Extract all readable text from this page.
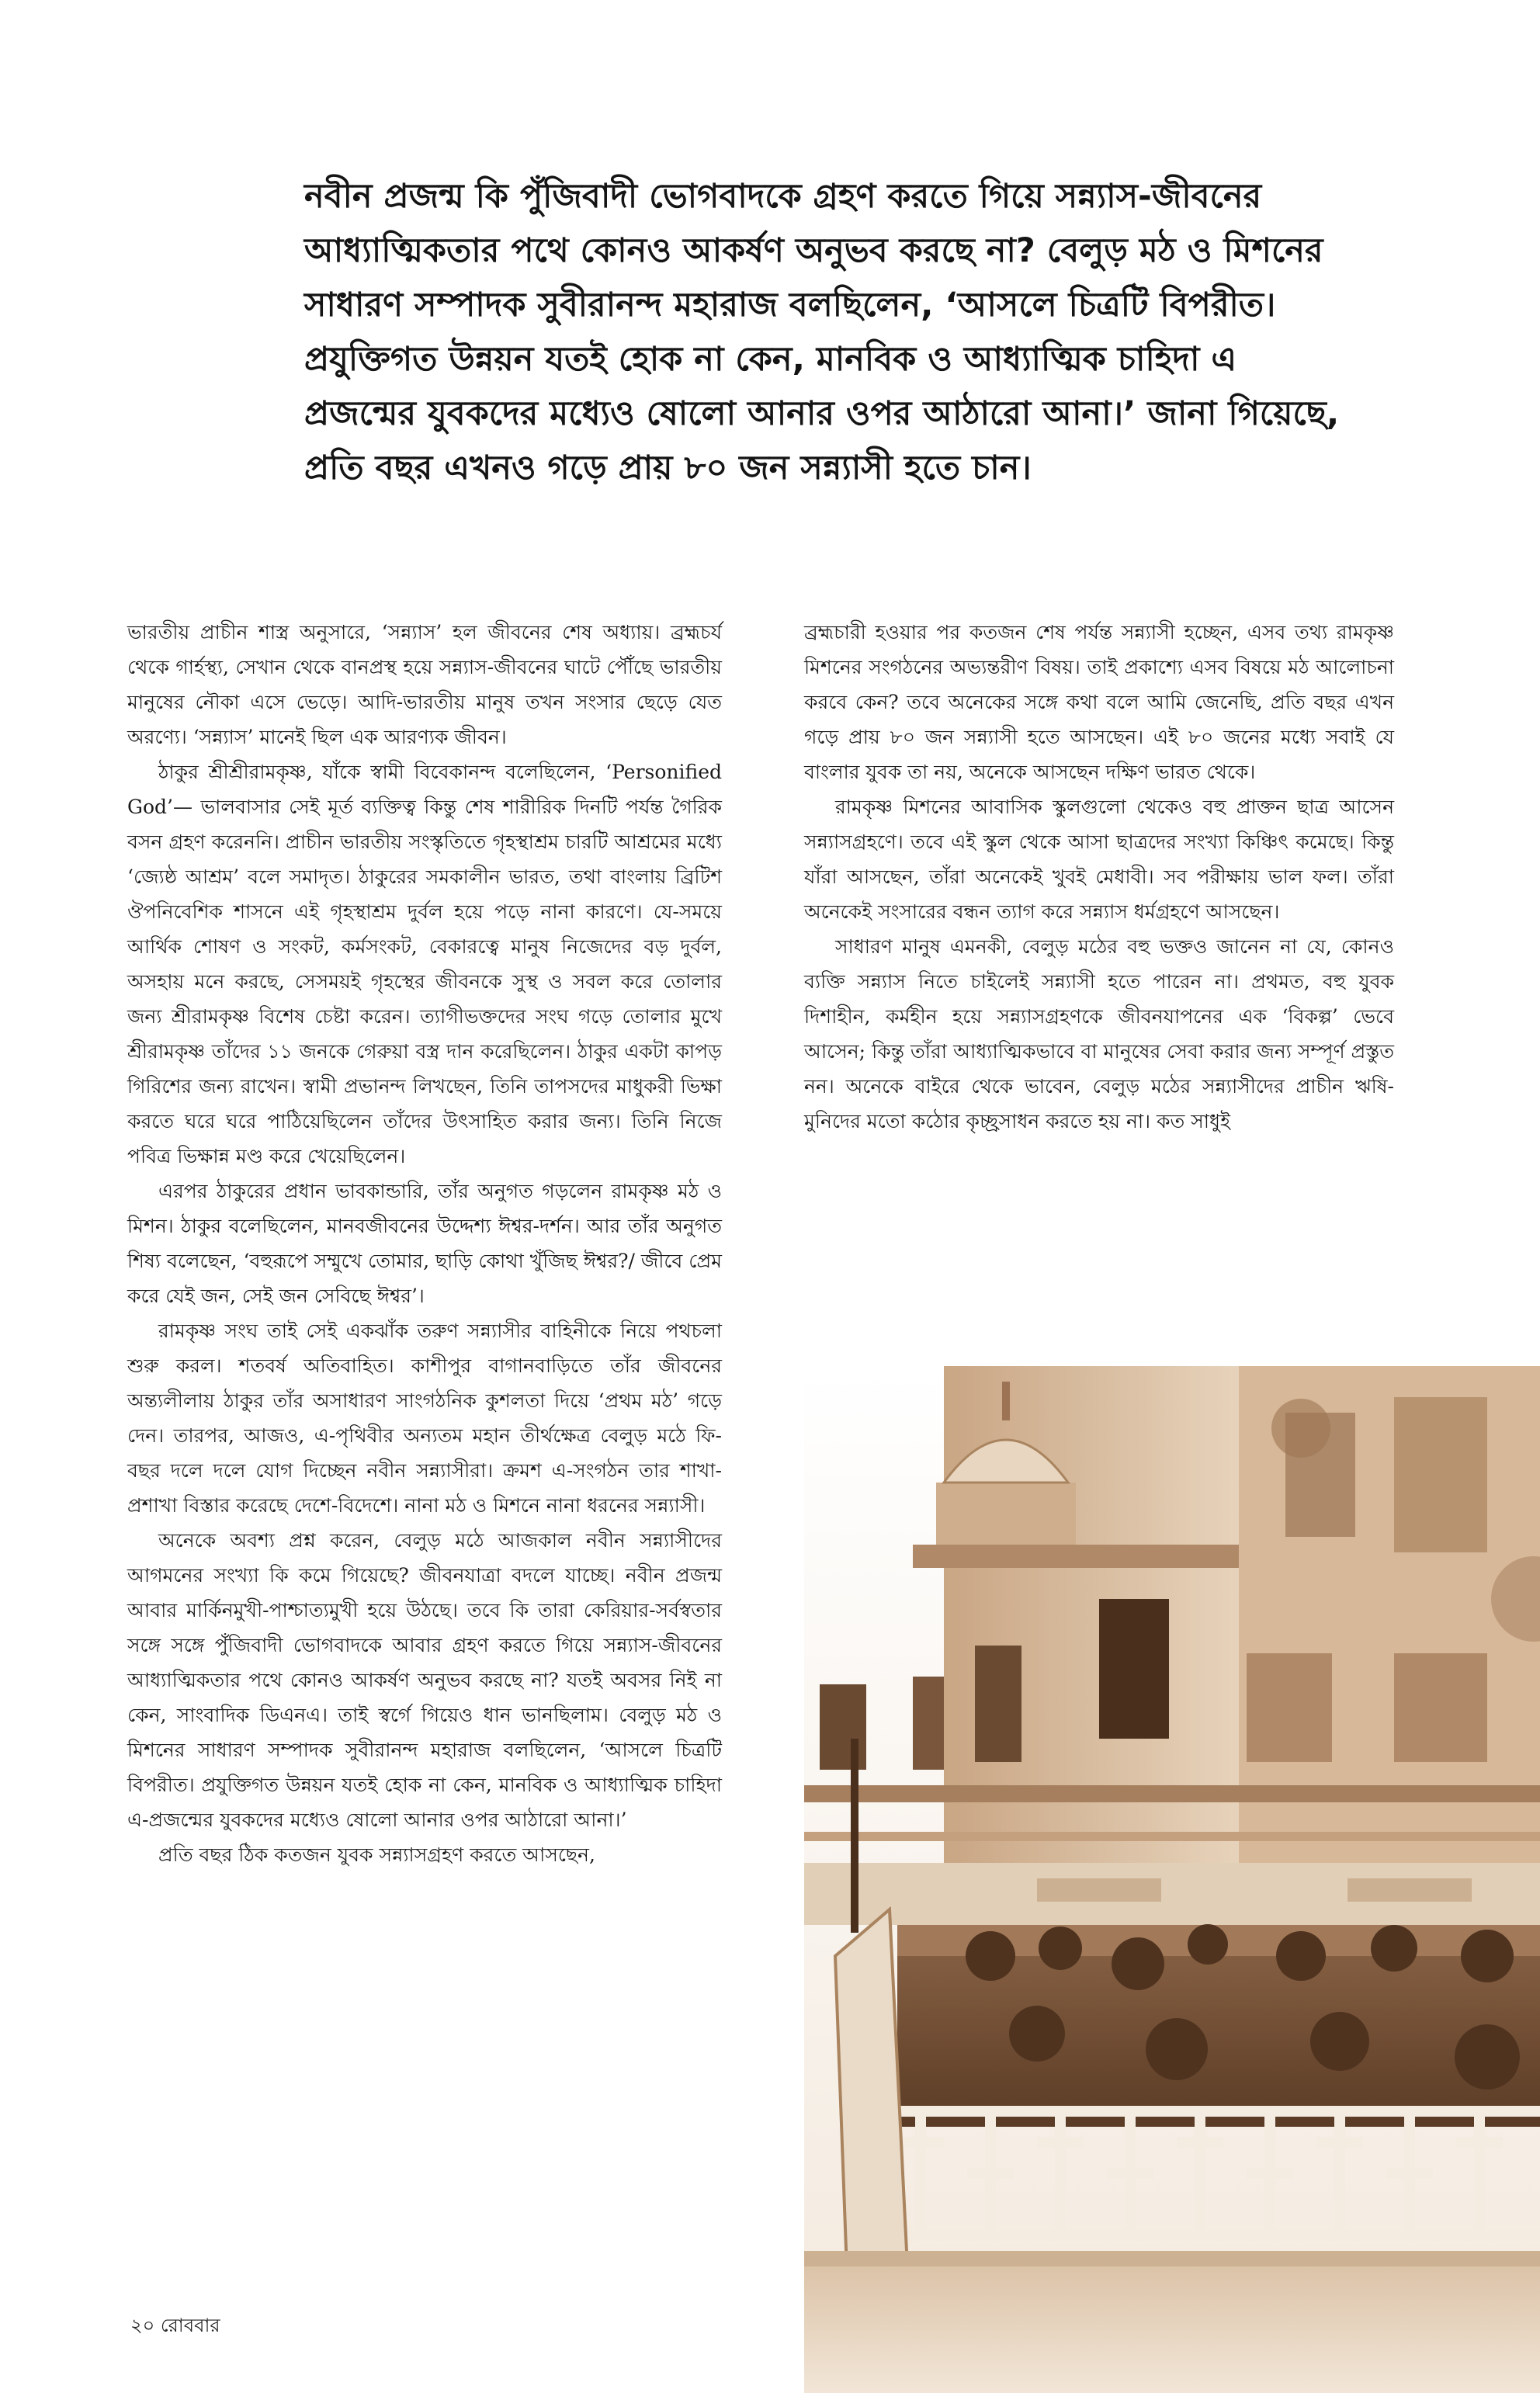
নবীন প্রজন্ম কি পুঁজিবাদী ভোগবাদকে গ্রহণ করতে গিয়ে সন্ন্যাস-জীবনের আধ্যাত্মিকতার পথে কোনও আকর্ষণ অনুভব করছে না? বেলুড় মঠ ও মিশনের সাধারণ সম্পাদক সুবীরানন্দ মহারাজ বলছিলেন, ‘আসলে চিত্রটি বিপরীত। প্রযুক্তিগত উন্নয়ন যতই হোক না কেন, মানবিক ও আধ্যাত্মিক চাহিদা এ প্রজন্মের যুবকদের মধ্যেও ষোলো আনার ওপর আঠারো আনা।’ জানা গিয়েছে, প্রতি বছর এখনও গড়ে প্রায় ৮০ জন সন্ন্যাসী হতে চান।

ভারতীয় প্রাচীন শাস্ত্র অনুসারে, ‘সন্ন্যাস’ হল জীবনের শেষ অধ্যায়। ব্রহ্মচর্য থেকে গার্হস্থ্য, সেখান থেকে বানপ্রস্থ হয়ে সন্ন্যাস-জীবনের ঘাটে পৌঁছে ভারতীয় মানুষের নৌকা এসে ভেড়ে। আদি-ভারতীয় মানুষ তখন সংসার ছেড়ে যেত অরণ্যে। ‘সন্ন্যাস’ মানেই ছিল এক আরণ্যক জীবন।

ঠাকুর শ্রীশ্রীরামকৃষ্ণ, যাঁকে স্বামী বিবেকানন্দ বলেছিলেন, ‘Personified God’— ভালবাসার সেই মূর্ত ব্যক্তিত্ব কিন্তু শেষ শারীরিক দিনটি পর্যন্ত গৈরিক বসন গ্রহণ করেননি। প্রাচীন ভারতীয় সংস্কৃতিতে গৃহস্থাশ্রম চারটি আশ্রমের মধ্যে ‘জ্যেষ্ঠ আশ্রম’ বলে সমাদৃত। ঠাকুরের সমকালীন ভারত, তথা বাংলায় ব্রিটিশ ঔপনিবেশিক শাসনে এই গৃহস্থাশ্রম দুর্বল হয়ে পড়ে নানা কারণে। যে-সময়ে আর্থিক শোষণ ও সংকট, কর্মসংকট, বেকারত্বে মানুষ নিজেদের বড় দুর্বল, অসহায় মনে করছে, সেসময়ই গৃহস্থের জীবনকে সুস্থ ও সবল করে তোলার জন্য শ্রীরামকৃষ্ণ বিশেষ চেষ্টা করেন। ত্যাগীভক্তদের সংঘ গড়ে তোলার মুখে শ্রীরামকৃষ্ণ তাঁদের ১১ জনকে গেরুয়া বস্ত্র দান করেছিলেন। ঠাকুর একটা কাপড় গিরিশের জন্য রাখেন। স্বামী প্রভানন্দ লিখছেন, তিনি তাপসদের মাধুকরী ভিক্ষা করতে ঘরে ঘরে পাঠিয়েছিলেন তাঁদের উৎসাহিত করার জন্য। তিনি নিজে পবিত্র ভিক্ষান্ন মণ্ড করে খেয়েছিলেন।

এরপর ঠাকুরের প্রধান ভাবকান্ডারি, তাঁর অনুগত গড়লেন রামকৃষ্ণ মঠ ও মিশন। ঠাকুর বলেছিলেন, মানবজীবনের উদ্দেশ্য ঈশ্বর-দর্শন। আর তাঁর অনুগত শিষ্য বলেছেন, ‘বহুরূপে সম্মুখে তোমার, ছাড়ি কোথা খুঁজিছ ঈশ্বর?/ জীবে প্রেম করে যেই জন, সেই জন সেবিছে ঈশ্বর’।

রামকৃষ্ণ সংঘ তাই সেই একঝাঁক তরুণ সন্ন্যাসীর বাহিনীকে নিয়ে পথচলা শুরু করল। শতবর্ষ অতিবাহিত। কাশীপুর বাগানবাড়িতে তাঁর জীবনের অন্ত্যলীলায় ঠাকুর তাঁর অসাধারণ সাংগঠনিক কুশলতা দিয়ে ‘প্রথম মঠ’ গড়ে দেন। তারপর, আজও, এ-পৃথিবীর অন্যতম মহান তীর্থক্ষেত্র বেলুড় মঠে ফি-বছর দলে দলে যোগ দিচ্ছেন নবীন সন্ন্যাসীরা। ক্রমশ এ-সংগঠন তার শাখা-প্রশাখা বিস্তার করেছে দেশে-বিদেশে। নানা মঠ ও মিশনে নানা ধরনের সন্ন্যাসী।

অনেকে অবশ্য প্রশ্ন করেন, বেলুড় মঠে আজকাল নবীন সন্ন্যাসীদের আগমনের সংখ্যা কি কমে গিয়েছে? জীবনযাত্রা বদলে যাচ্ছে। নবীন প্রজন্ম আবার মার্কিনমুখী-পাশ্চাত্যমুখী হয়ে উঠছে। তবে কি তারা কেরিয়ার-সর্বস্বতার সঙ্গে সঙ্গে পুঁজিবাদী ভোগবাদকে আবার গ্রহণ করতে গিয়ে সন্ন্যাস-জীবনের আধ্যাত্মিকতার পথে কোনও আকর্ষণ অনুভব করছে না? যতই অবসর নিই না কেন, সাংবাদিক ডিএনএ। তাই স্বর্গে গিয়েও ধান ভানছিলাম। বেলুড় মঠ ও মিশনের সাধারণ সম্পাদক সুবীরানন্দ মহারাজ বলছিলেন, ‘আসলে চিত্রটি বিপরীত। প্রযুক্তিগত উন্নয়ন যতই হোক না কেন, মানবিক ও আধ্যাত্মিক চাহিদা এ-প্রজন্মের যুবকদের মধ্যেও ষোলো আনার ওপর আঠারো আনা।’

প্রতি বছর ঠিক কতজন যুবক সন্ন্যাসগ্রহণ করতে আসছেন,

ব্রহ্মচারী হওয়ার পর কতজন শেষ পর্যন্ত সন্ন্যাসী হচ্ছেন, এসব তথ্য রামকৃষ্ণ মিশনের সংগঠনের অভ্যন্তরীণ বিষয়। তাই প্রকাশ্যে এসব বিষয়ে মঠ আলোচনা করবে কেন? তবে অনেকের সঙ্গে কথা বলে আমি জেনেছি, প্রতি বছর এখন গড়ে প্রায় ৮০ জন সন্ন্যাসী হতে আসছেন। এই ৮০ জনের মধ্যে সবাই যে বাংলার যুবক তা নয়, অনেকে আসছেন দক্ষিণ ভারত থেকে।

রামকৃষ্ণ মিশনের আবাসিক স্কুলগুলো থেকেও বহু প্রাক্তন ছাত্র আসেন সন্ন্যাসগ্রহণে। তবে এই স্কুল থেকে আসা ছাত্রদের সংখ্যা কিঞ্চিৎ কমেছে। কিন্তু যাঁরা আসছেন, তাঁরা অনেকেই খুবই মেধাবী। সব পরীক্ষায় ভাল ফল। তাঁরা অনেকেই সংসারের বন্ধন ত্যাগ করে সন্ন্যাস ধর্মগ্রহণে আসছেন।

সাধারণ মানুষ এমনকী, বেলুড় মঠের বহু ভক্তও জানেন না যে, কোনও ব্যক্তি সন্ন্যাস নিতে চাইলেই সন্ন্যাসী হতে পারেন না। প্রথমত, বহু যুবক দিশাহীন, কর্মহীন হয়ে সন্ন্যাসগ্রহণকে জীবনযাপনের এক ‘বিকল্প’ ভেবে আসেন; কিন্তু তাঁরা আধ্যাত্মিকভাবে বা মানুষের সেবা করার জন্য সম্পূর্ণ প্রস্তুত নন। অনেকে বাইরে থেকে ভাবেন, বেলুড় মঠের সন্ন্যাসীদের প্রাচীন ঋষি-মুনিদের মতো কঠোর কৃচ্ছ্রসাধন করতে হয় না। কত সাধুই

২০ রোববার
